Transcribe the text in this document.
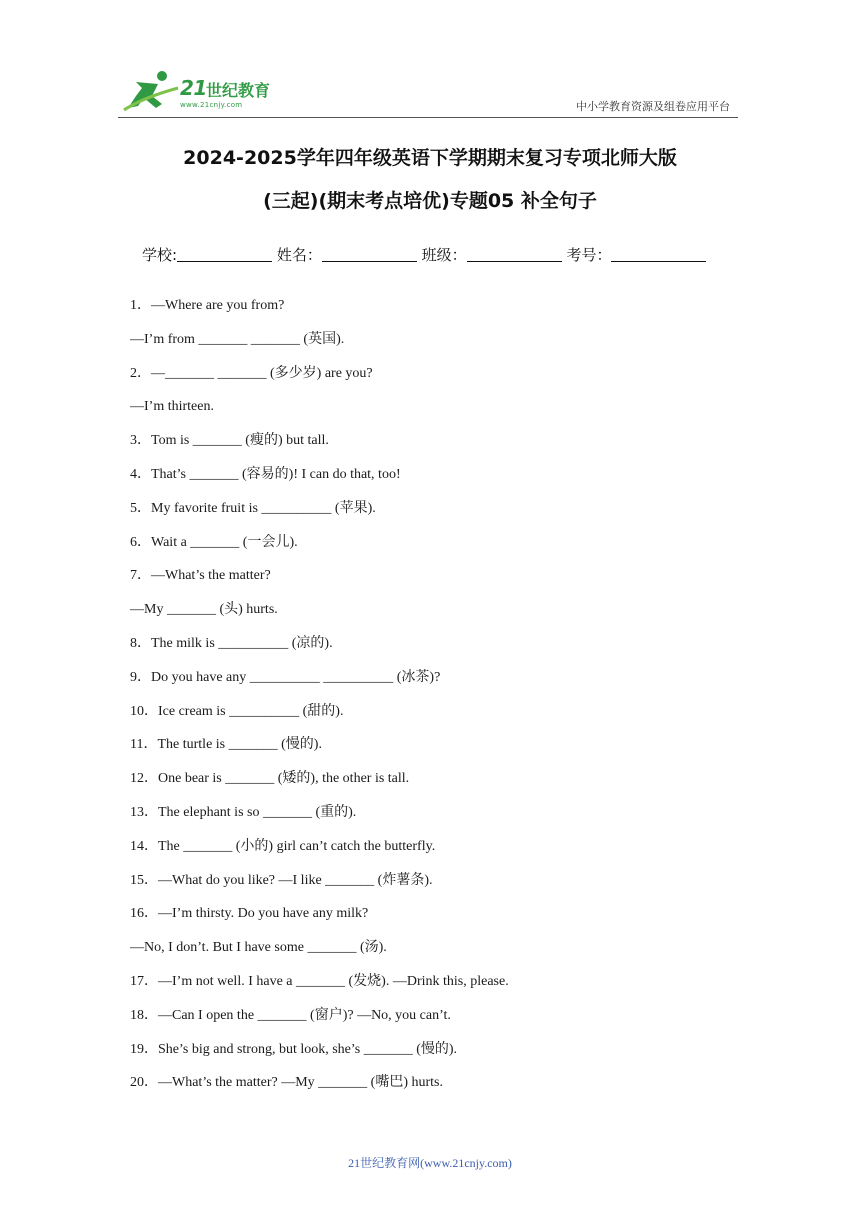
21 世纪教育
www.21cnjy.com	中小学教育资源及组卷应用平台
2024-2025学年四年级英语下学期期末复习专项北师大版
(三起)(期末考点培优)专题05 补全句子
学校:	姓名：	班级：	考号：
1．—Where are you from?
—I’m from _______ _______ (英国).
2．—_______ _______ (多少岁) are you?
—I’m thirteen.
3．Tom is _______ (瘦的) but tall.
4．That’s _______ (容易的)! I can do that, too!
5．My favorite fruit is __________ (苹果).
6．Wait a _______ (一会儿).
7．—What’s the matter?
—My _______ (头) hurts.
8．The milk is __________ (凉的).
9．Do you have any __________ __________ (冰茶)?
10．Ice cream is __________ (甜的).
11．The turtle is _______ (慢的).
12．One bear is _______ (矮的), the other is tall.
13．The elephant is so _______ (重的).
14．The _______ (小的) girl can’t catch the butterfly.
15．—What do you like? —I like _______ (炸薯条).
16．—I’m thirsty. Do you have any milk?
—No, I don’t. But I have some _______ (汤).
17．—I’m not well. I have a _______ (发烧). —Drink this, please.
18．—Can I open the _______ (窗户)? —No, you can’t.
19．She’s big and strong, but look, she’s _______ (慢的).
20．—What’s the matter? —My _______ (嘴巴) hurts.
21世纪教育网(www.21cnjy.com)
